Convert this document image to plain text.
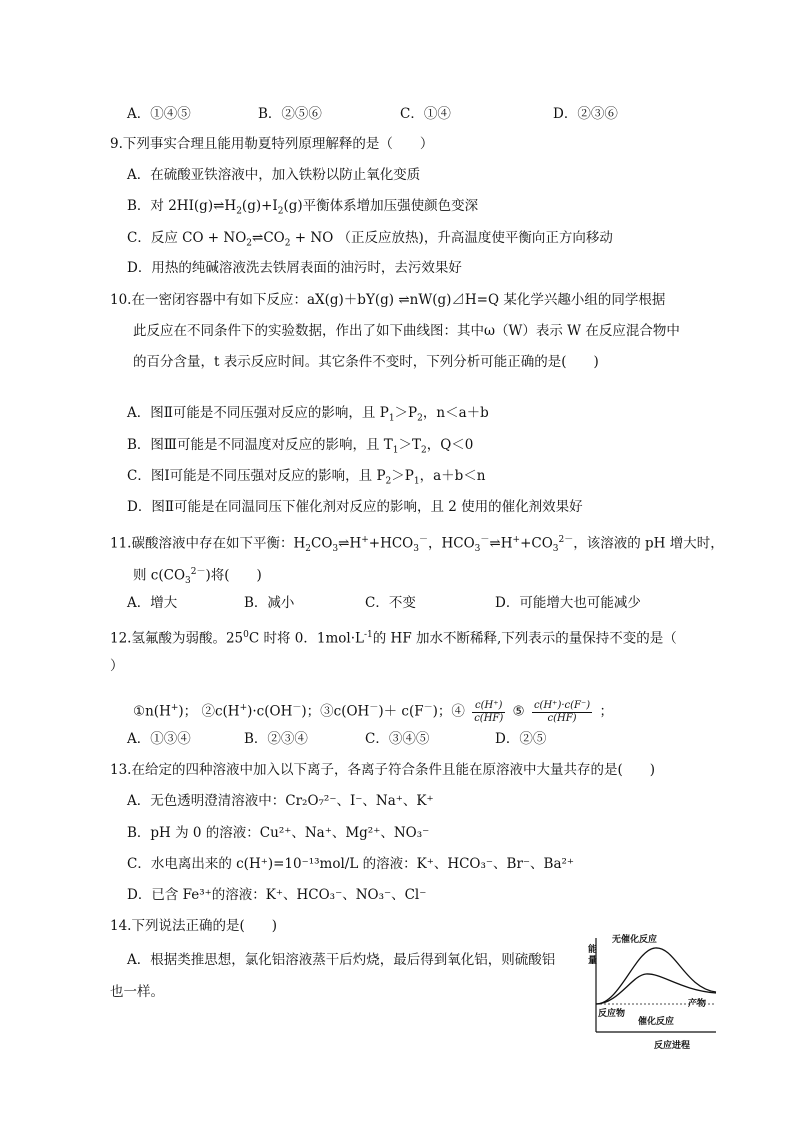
A．①④⑤	B．②⑤⑥	C．①④	D．②③⑥
9.下列事实合理且能用勒夏特列原理解释的是（　　）
A．在硫酸亚铁溶液中，加入铁粉以防止氧化变质
B．对 $2HI(g)\rightleftharpoons H_2(g)+I_2(g)$平衡体系增加压强使颜色变深
C．反应 CO + $NO_2\rightleftharpoons CO_2$ + NO （正反应放热)，升高温度使平衡向正方向移动
D．用热的纯碱溶液洗去铁屑表面的油污时，去污效果好
10.在一密闭容器中有如下反应：aX(g)＋bY(g) ⇌nW(g)⊿H=Q 某化学兴趣小组的同学根据
此反应在不同条件下的实验数据，作出了如下曲线图：其中ω（W）表示 W 在反应混合物中
的百分含量，t 表示反应时间。其它条件不变时，下列分析可能正确的是(　　)
A．图Ⅱ可能是不同压强对反应的影响，且 $P_1>P_2$，n＜a＋b
B．图Ⅲ可能是不同温度对反应的影响，且 $T_1>T_2$，Q＜0
C．图Ⅰ可能是不同压强对反应的影响，且 $P_2>P_1$，a＋b＜n
D．图Ⅱ可能是在同温同压下催化剂对反应的影响，且 2 使用的催化剂效果好
11.碳酸溶液中存在如下平衡：$H_2CO_3\rightleftharpoons H^++HCO_3^-$，$HCO_3^-\rightleftharpoons H^++CO_3^{2-}$，该溶液的 pH 增大时，
则 $c(CO_3^{2-})$将(　　)
A．增大	B．减小	C．不变	D．可能增大也可能减少
12.氢氟酸为弱酸。$25^0C$ 时将 0．$1mol\cdot L^{-1}$的 HF 加水不断稀释,下列表示的量保持不变的是（
）
①n(H+)； ②c(H+)·c(OH－)；③c(OH－)＋ c(F－)；④ $\frac{c(H^+)}{c(HF)}$ ⑤ $\frac{c(H^+)\cdot c(F^-)}{c(HF)}$ ；
A．①③④	B．②③④	C．③④⑤	D．②⑤
13.在给定的四种溶液中加入以下离子，各离子符合条件且能在原溶液中大量共存的是(　　)
A．无色透明澄清溶液中：Cr₂O₇²⁻、I⁻、Na⁺、K⁺
B．pH 为 0 的溶液：Cu²⁺、Na⁺、Mg²⁺、NO₃⁻
C．水电离出来的 c(H⁺)=10⁻¹³mol/L 的溶液：K⁺、HCO₃⁻、Br⁻、Ba²⁺
D．已含 Fe³⁺的溶液：K⁺、HCO₃⁻、NO₃⁻、Cl⁻
14.下列说法正确的是(　　)
A．根据类推思想，氯化铝溶液蒸干后灼烧，最后得到氧化铝，则硫酸铝
也一样。
能
量
无催化反应
催化反应
反应物
产物
反应进程
